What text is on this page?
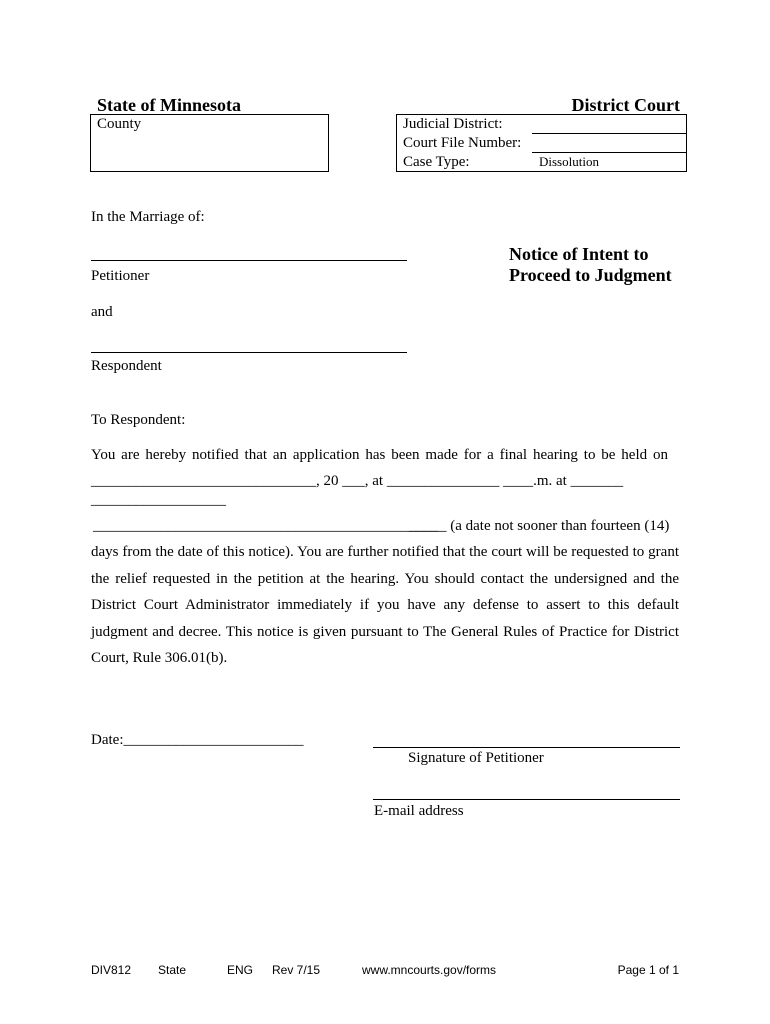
State of Minnesota	District Court
County	Judicial District:
Court File Number:
Case Type:	Dissolution
In the Marriage of:
Petitioner
and
Respondent
Notice of Intent to
Proceed to Judgment
To Respondent:
You are hereby notified that an application has been made for a final hearing to be held on
______________________________, 20 ___, at _______________ ____.m. at _______
__________________
______________________________________________
_____ (a date not sooner than fourteen (14)
days from the date of this notice). You are further notified that the court will be requested to grant the relief requested in the petition at the hearing. You should contact the undersigned and the District Court Administrator immediately if you have any defense to assert to this default judgment and decree. This notice is given pursuant to The General Rules of Practice for District Court, Rule 306.01(b).
Date:________________________
Signature of Petitioner
E-mail address
DIV812 State	ENG Rev 7/15	www.mncourts.gov/forms	Page 1 of 1
